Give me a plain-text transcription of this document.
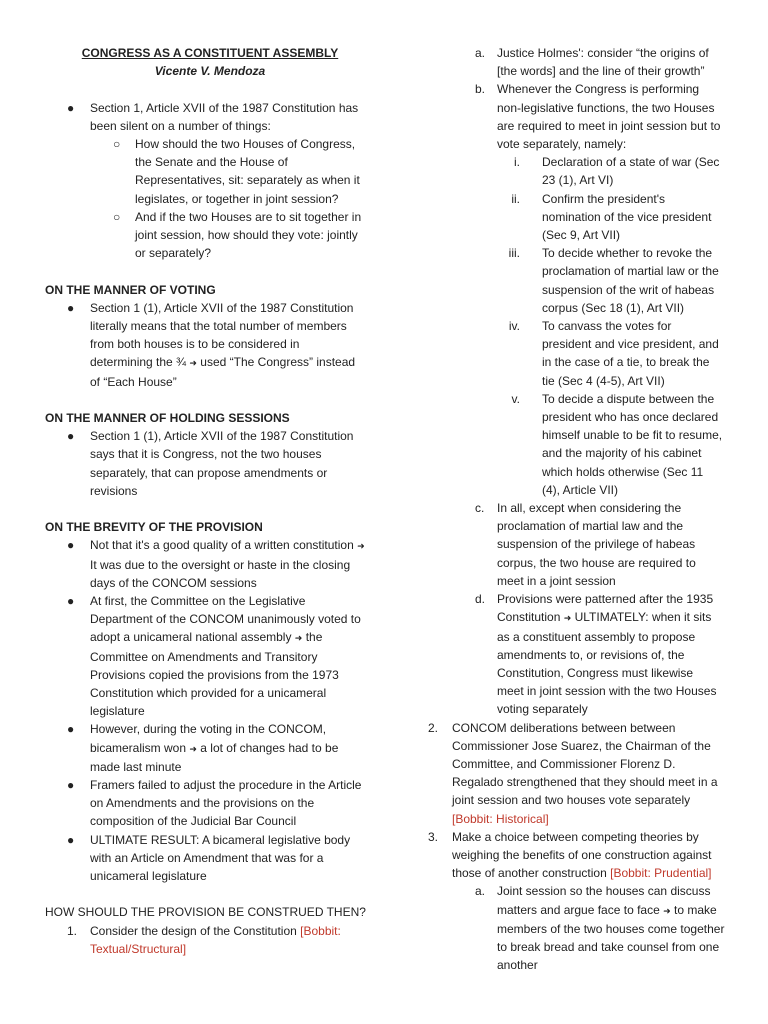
CONGRESS AS A CONSTITUENT ASSEMBLY
Vicente V. Mendoza
● Section 1, Article XVII of the 1987 Constitution has been silent on a number of things:
○ How should the two Houses of Congress, the Senate and the House of Representatives, sit: separately as when it legislates, or together in joint session?
○ And if the two Houses are to sit together in joint session, how should they vote: jointly or separately?
ON THE MANNER OF VOTING
● Section 1 (1), Article XVII of the 1987 Constitution literally means that the total number of members from both houses is to be considered in determining the ¾ ➜ used “The Congress” instead of “Each House”
ON THE MANNER OF HOLDING SESSIONS
● Section 1 (1), Article XVII of the 1987 Constitution says that it is Congress, not the two houses separately, that can propose amendments or revisions
ON THE BREVITY OF THE PROVISION
● Not that it's a good quality of a written constitution ➜ It was due to the oversight or haste in the closing days of the CONCOM sessions
● At first, the Committee on the Legislative Department of the CONCOM unanimously voted to adopt a unicameral national assembly ➜ the Committee on Amendments and Transitory Provisions copied the provisions from the 1973 Constitution which provided for a unicameral legislature
● However, during the voting in the CONCOM, bicameralism won ➜ a lot of changes had to be made last minute
● Framers failed to adjust the procedure in the Article on Amendments and the provisions on the composition of the Judicial Bar Council
● ULTIMATE RESULT: A bicameral legislative body with an Article on Amendment that was for a unicameral legislature
HOW SHOULD THE PROVISION BE CONSTRUED THEN?
1. Consider the design of the Constitution [Bobbit: Textual/Structural]
a. Justice Holmes': consider “the origins of [the words] and the line of their growth”
b. Whenever the Congress is performing non-legislative functions, the two Houses are required to meet in joint session but to vote separately, namely:
i. Declaration of a state of war (Sec 23 (1), Art VI)
ii. Confirm the president's nomination of the vice president (Sec 9, Art VII)
iii. To decide whether to revoke the proclamation of martial law or the suspension of the writ of habeas corpus (Sec 18 (1), Art VII)
iv. To canvass the votes for president and vice president, and in the case of a tie, to break the tie (Sec 4 (4-5), Art VII)
v. To decide a dispute between the president who has once declared himself unable to be fit to resume, and the majority of his cabinet which holds otherwise (Sec 11 (4), Article VII)
c. In all, except when considering the proclamation of martial law and the suspension of the privilege of habeas corpus, the two house are required to meet in a joint session
d. Provisions were patterned after the 1935 Constitution ➜ ULTIMATELY: when it sits as a constituent assembly to propose amendments to, or revisions of, the Constitution, Congress must likewise meet in joint session with the two Houses voting separately
2. CONCOM deliberations between between Commissioner Jose Suarez, the Chairman of the Committee, and Commissioner Florenz D. Regalado strengthened that they should meet in a joint session and two houses vote separately [Bobbit: Historical]
3. Make a choice between competing theories by weighing the benefits of one construction against those of another construction [Bobbit: Prudential]
a. Joint session so the houses can discuss matters and argue face to face ➜ to make members of the two houses come together to break bread and take counsel from one another
